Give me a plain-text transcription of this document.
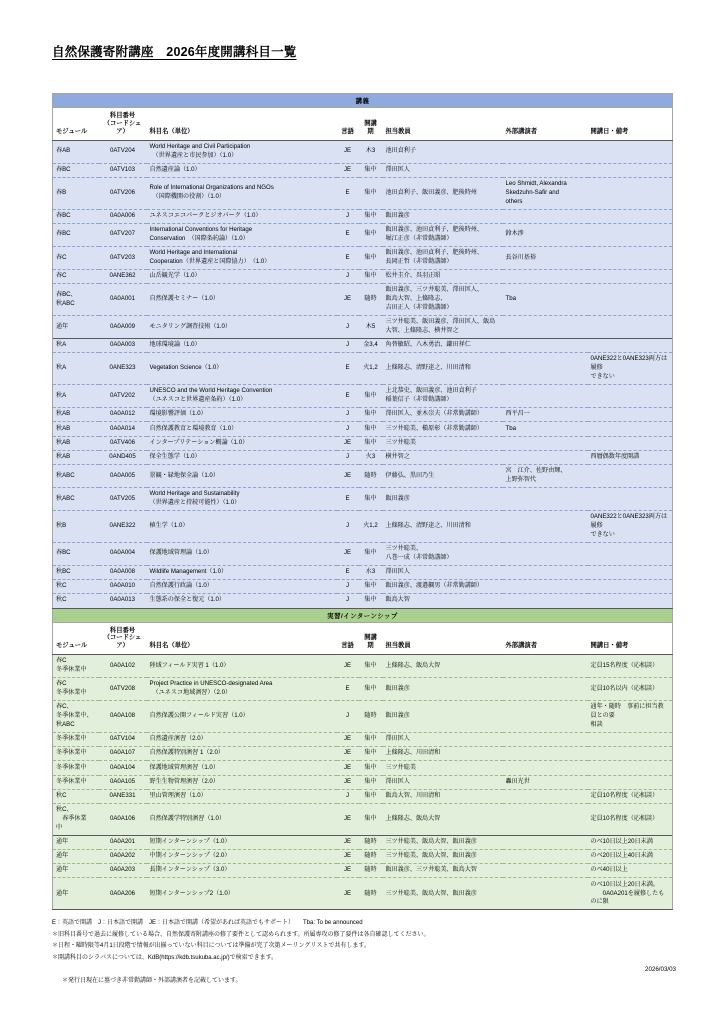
自然保護寄附講座　2026年度開講科目一覧
講義							
モジュール	科目番号
（コードシェア）	科目名（単位）	言語	開講期	担当教員	外部講演者	開講日・備考
春AB	0ATV204	World Heritage and Civil Participation
　（世界遺産と市民参加）（1.0）	JE	木3	池田貞利子		
春BC	0ATV103	自然遺産論（1.0）	JE	集中	澤田匡人		
春B	0ATV206	Role of International Organizations and NGOs
　（国際機関の役割）（1.0）	E	集中	池田貞利子、飯田義彦、肥後時州	Leo Shmidt, Alexandra
Skedzuhn-Safir and
others	
春BC	0A0A006	ユネスコエコパークとジオパーク（1.0）	J	集中	飯田義彦		
春BC	0ATV207	International Conventions for Heritage
Conservation　（国際条約論）（1.0）	E	集中	飯田義彦、池田貞利子、肥後時州、
堀江正彦（非常勤講師）	鈴木渉	
春C	0ATV203	World Heritage and International
Cooperation（世界遺産と国際協力）　（1.0）	E	集中	飯田義彦、池田貞利子、肥後時州、
長岡正哲（非常勤講師）	長谷川基裕	
春C	0ANE362	山岳観光学（1.0）	J	集中	松井圭介、呉羽正昭		
春BC、
秋ABC	0A0A001	自然保護セミナー（1.0）	JE	随時	飯田義彦、三ツ井聡美、澤田匡人、
飯島大智、上條隆志、
吉田正人（非常勤講師）	Tba	
通年	0A0A009	モニタリング調査技術（1.0）	J	木5	三ツ井聡美、飯田義彦、澤田匡人、飯島
大智、上條隆志、横井智之		
秋A	0A0A003	地球環境論（1.0）	J	金3,4	角替敏昭、八木勇治、鎌田祥仁		
秋A	0ANE323	Vegetation Science（1.0）	E	火1,2	上條隆志、清野達之、川田清和		0ANE322と0ANE323両方は履修
できない
秋A	0ATV202	UNESCO and the World Heritage Convention
（ユネスコと世界遺産条約）（1.0）	E	集中	上北恭史、飯田義彦、池田貞利子
稲葉信子（非常勤講師）		
秋AB	0A0A012	環境影響評価（1.0）	J	集中	澤田匡人、並木崇夫（非常勤講師）	西平昌一	
秋AB	0A0A014	自然保護教育と環境教育（1.0）	J	集中	三ツ井聡美、槇原彰（非常勤講師）	Tba	
秋AB	0ATV406	インタープリテーション概論（1.0）	JE	集中	三ツ井聡美		
秋AB	0AND405	保全生態学（1.0）	J	火3	横井智之		西暦偶数年度開講
秋ABC	0A0A005	景観・緑地保全論（1.0）	JE	随時	伊藤弘、黒田乃生	宮　江介、佐野由輝、
上野弥智代	
秋ABC	0ATV205	World Heritage and Sustainability
（世界遺産と持続可能性）（1.0）	E	集中	飯田義彦		
秋B	0ANE322	植生学（1.0）	J	火1,2	上條隆志、清野達之、川田清和		0ANE322と0ANE323両方は履修
できない
春BC	0A0A004	保護地域管理論（1.0）	JE	集中	三ツ井聡美、
八巻一成（非常勤講師）		
秋BC	0A0A008	Wildlife Management（1.0）	E	水3	澤田匡人		
秋C	0A0A010	自然保護行政論（1.0）	J	集中	飯田義彦、渡邉綱男（非常勤講師）		
秋C	0A0A013	生態系の保全と復元（1.0）	J	集中	飯島大智		
実習/インターンシップ							
モジュール	科目番号
（コードシェア）	科目名（単位）	言語	開講期	担当教員	外部講演者	開講日・備考
春C
冬季休業中	0A0A102	陸域フィールド実習 1（1.0）	JE	集中	上條隆志、飯島大智		定員15名程度（応相談）
春C
冬季休業中	0ATV208	Project Practice in UNESCO-designated Area
　（ユネスコ地域演習）（2.0）	E	集中	飯田義彦		定員10名以内（応相談）
春C、
冬季休業中、
秋ABC	0A0A108	自然保護公開フィールド実習（1.0）	J	随時	飯田義彦		通年・随時　事前に担当教員との要
相談
冬季休業中	0ATV104	自然遺産演習（2.0）	JE	集中	澤田匡人		
冬季休業中	0A0A107	自然保護特別演習 1（2.0）	JE	集中	上條隆志、川田清和		
冬季休業中	0A0A104	保護地域管理演習（1.0）	JE	集中	三ツ井聡美		
冬季休業中	0A0A105	野生生物管理演習（2.0）	JE	集中	澤田匡人	轟田光世	
秋C	0ANE331	里山管理演習（1.0）	J	集中	飯島大智、川田清和		定員10名程度（応相談）
秋C、
　春季休業
中	0A0A106	自然保護学特別演習（1.0）	JE	集中	上條隆志、飯島大智		定員10名程度（応相談）
通年	0A0A201	短期インターンシップ（1.0）	JE	随時	三ツ井聡美、飯島大智、飯田義彦		のべ10日以上20日未満
通年	0A0A202	中期インターンシップ（2.0）	JE	随時	三ツ井聡美、飯島大智、飯田義彦		のべ20日以上40日未満
通年	0A0A203	長期インターンシップ（3.0）	JE	随時	飯田義彦、三ツ井聡美、飯島大智		のべ40日以上
通年	0A0A206	短期インターンシップ2（1.0）	JE	随時	三ツ井聡美、飯島大智、飯田義彦		のべ10日以上20日未満。
　　0A0A201を履修したものに限
E：英語で開講　J：日本語で開講　JE：日本語で開講（希望があれば英語でもサポート）　　Tba: To be announced
＊旧科目番号で過去に履修している場合、自然保護寄附講座の修了要件として認められます。所属専攻の修了要件は各自確認してください。
＊日程・曜時限等4月1日段階で情報が出揃っていない科目については準備が完了次第メーリングリストで共有します。
＊開講科目のシラバスについては、KdB(https://kdb.tsukuba.ac.jp/)で検索できます。

＊発行日現在に墓づき非常勤講師・外部講演者を記載しています。

2026/03/03
